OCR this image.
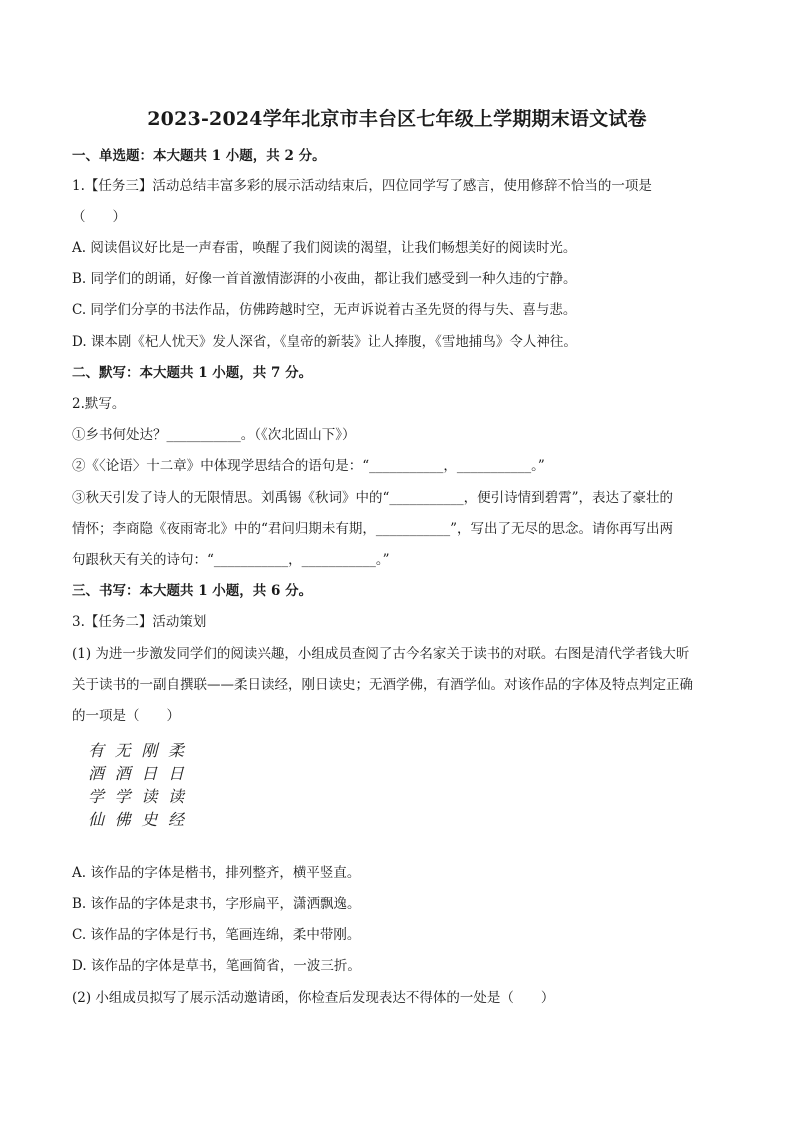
2023-2024学年北京市丰台区七年级上学期期末语文试卷
一、单选题：本大题共 1 小题，共 2 分。
1.【任务三】活动总结丰富多彩的展示活动结束后，四位同学写了感言，使用修辞不恰当的一项是
（　　）
A. 阅读倡议好比是一声春雷，唤醒了我们阅读的渴望，让我们畅想美好的阅读时光。
B. 同学们的朗诵，好像一首首激情澎湃的小夜曲，都让我们感受到一种久违的宁静。
C. 同学们分享的书法作品，仿佛跨越时空，无声诉说着古圣先贤的得与失、喜与悲。
D. 课本剧《杞人忧天》发人深省，《皇帝的新装》让人捧腹，《雪地捕鸟》令人神往。
二、默写：本大题共 1 小题，共 7 分。
2.默写。
①乡书何处达？___________。（《次北固山下》）
②《〈论语〉十二章》中体现学思结合的语句是：“___________，___________。”
③秋天引发了诗人的无限情思。刘禹锡《秋词》中的“___________，便引诗情到碧霄”，表达了豪壮的
情怀；李商隐《夜雨寄北》中的“君问归期未有期，___________”，写出了无尽的思念。请你再写出两
句跟秋天有关的诗句：“___________，___________。”
三、书写：本大题共 1 小题，共 6 分。
3.【任务二】活动策划
(1) 为进一步激发同学们的阅读兴趣，小组成员查阅了古今名家关于读书的对联。右图是清代学者钱大昕
关于读书的一副自撰联——柔日读经，刚日读史；无酒学佛，有酒学仙。对该作品的字体及特点判定正确
的一项是（　　）
柔
日
读
经
刚
日
读
史
无
酒
学
佛
有
酒
学
仙
A. 该作品的字体是楷书，排列整齐，横平竖直。
B. 该作品的字体是隶书，字形扁平，潇洒飘逸。
C. 该作品的字体是行书，笔画连绵，柔中带刚。
D. 该作品的字体是草书，笔画简省，一波三折。
(2) 小组成员拟写了展示活动邀请函，你检查后发现表达不得体的一处是（　　）
